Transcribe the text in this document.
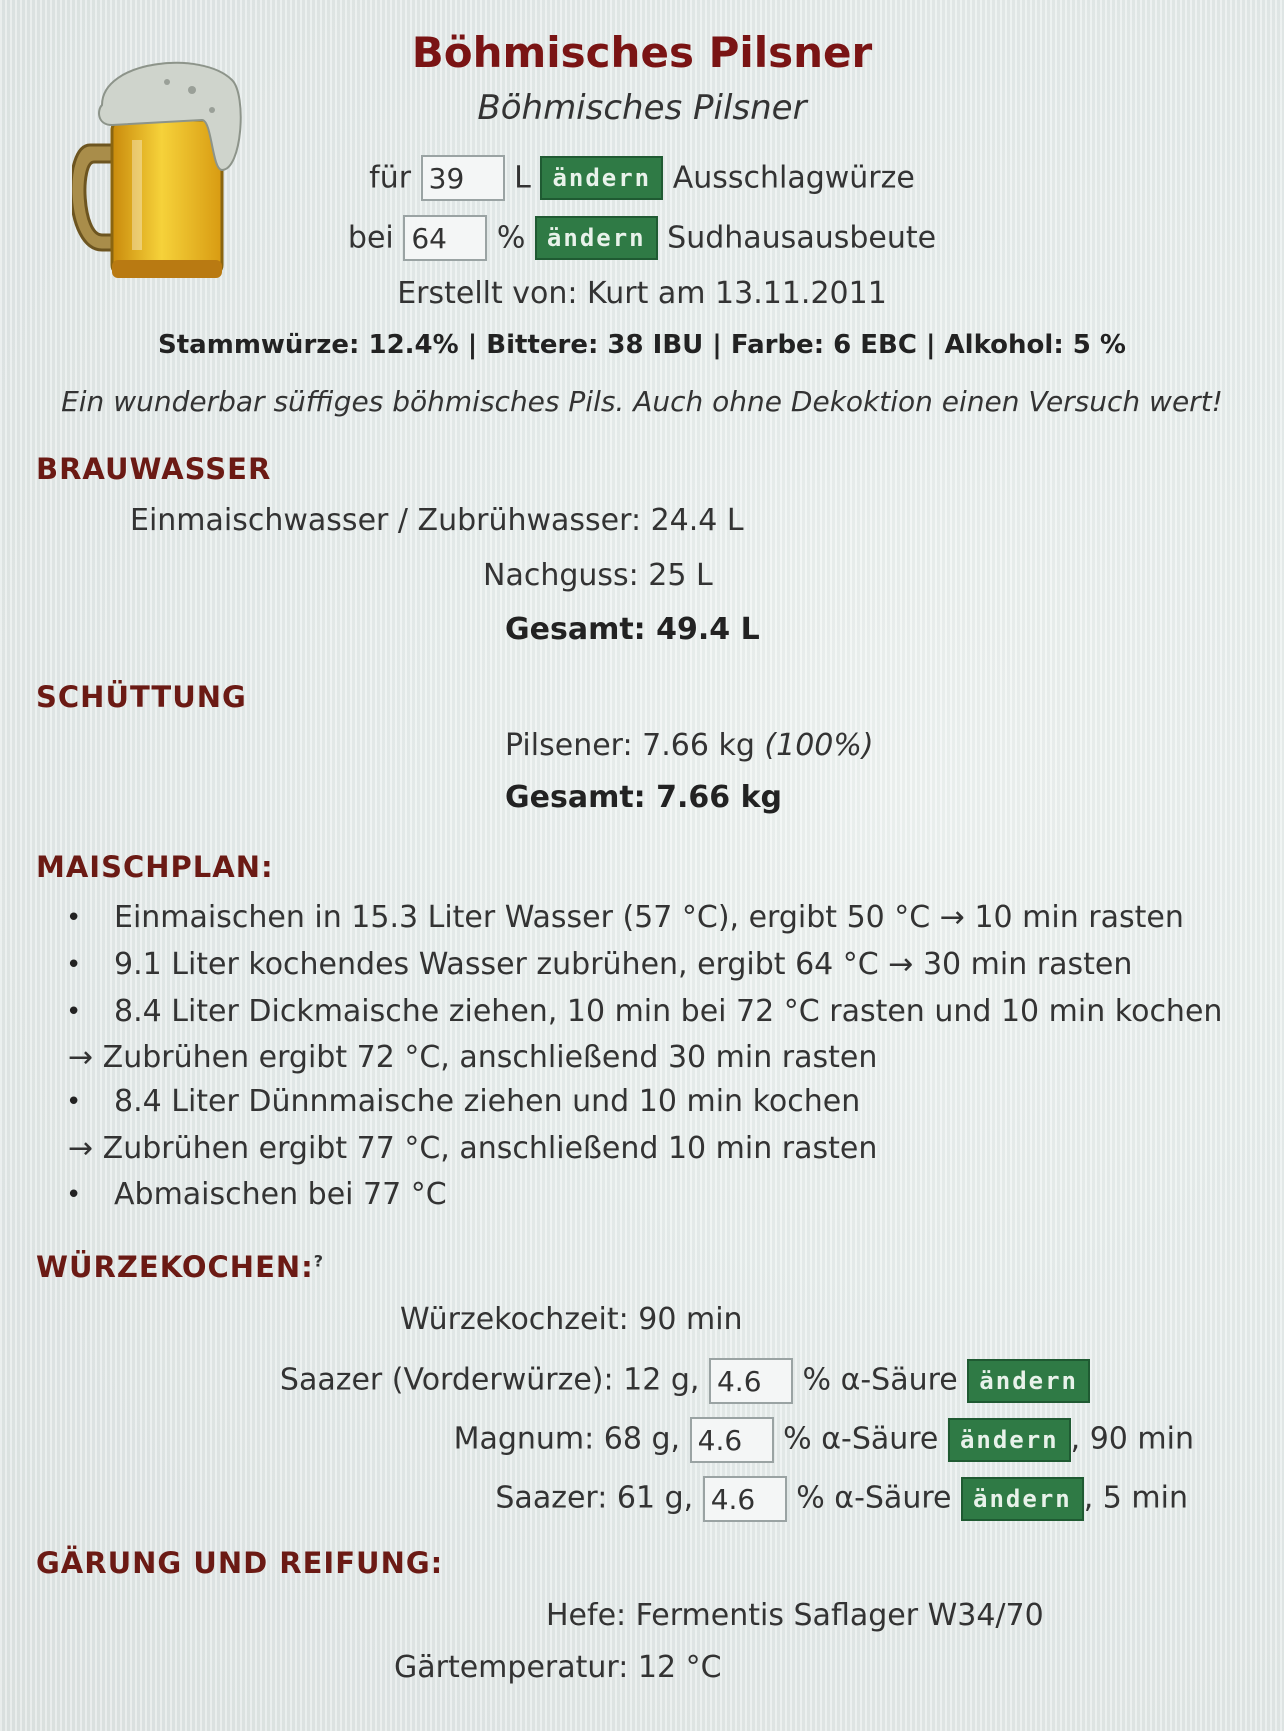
Böhmisches Pilsner
Böhmisches Pilsner
für 39	L ändern Ausschlagwürze
bei 64	% ändern Sudhausausbeute
Erstellt von: Kurt am 13.11.2011
Stammwürze: 12.4% | Bittere: 38 IBU | Farbe: 6 EBC | Alkohol: 5 %
Ein wunderbar süffiges böhmisches Pils. Auch ohne Dekoktion einen Versuch wert!
BRAUWASSER
Einmaischwasser / Zubrühwasser: 24.4 L
Nachguss: 25 L
Gesamt: 49.4 L
SCHÜTTUNG
Pilsener: 7.66 kg (100%)
Gesamt: 7.66 kg
MAISCHPLAN:
• Einmaischen in 15.3 Liter Wasser (57 °C), ergibt 50 °C → 10 min rasten
• 9.1 Liter kochendes Wasser zubrühen, ergibt 64 °C → 30 min rasten
• 8.4 Liter Dickmaische ziehen, 10 min bei 72 °C rasten und 10 min kochen
→ Zubrühen ergibt 72 °C, anschließend 30 min rasten
• 8.4 Liter Dünnmaische ziehen und 10 min kochen
→ Zubrühen ergibt 77 °C, anschließend 10 min rasten
• Abmaischen bei 77 °C
WÜRZEKOCHEN:?
Würzekochzeit: 90 min
Saazer (Vorderwürze): 12 g, 4.6	% α-Säure ändern
Magnum: 68 g, 4.6	% α-Säure ändern , 90 min
Saazer: 61 g, 4.6	% α-Säure ändern , 5 min
GÄRUNG UND REIFUNG:
Hefe: Fermentis Saflager W34/70
Gärtemperatur: 12 °C
